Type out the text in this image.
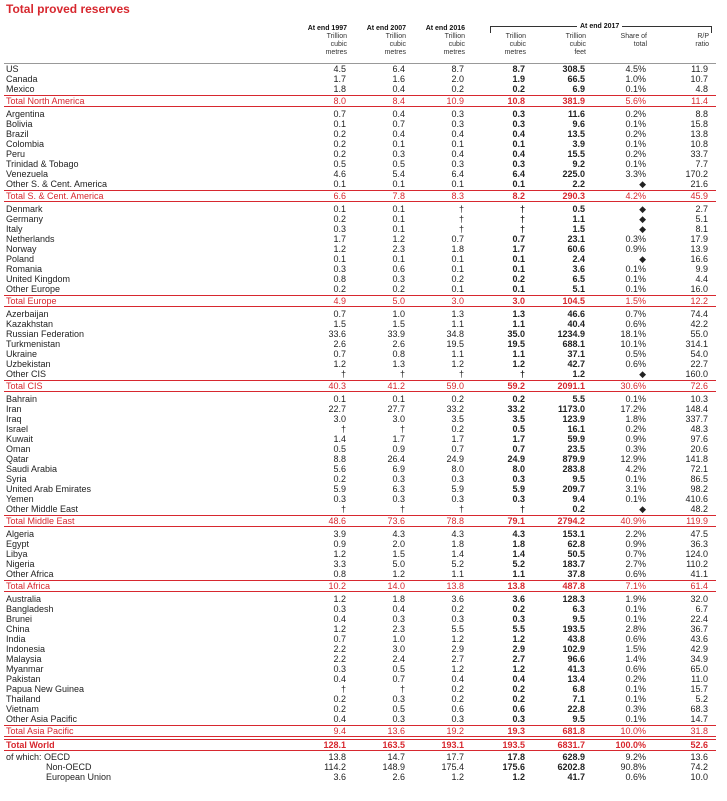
Total proved reserves
At end 1997
Trillion
cubic
metres
At end 2007
Trillion
cubic
metres
At end 2016
Trillion
cubic
metres
Trillion
cubic
metres
Trillion
cubic
feet
Share of
total
R/P
ratio
At end 2017
US	4.5	6.4	8.7	8.7	308.5	4.5%	11.9
Canada	1.7	1.6	2.0	1.9	66.5	1.0%	10.7
Mexico	1.8	0.4	0.2	0.2	6.9	0.1%	4.8
Total North America	8.0	8.4	10.9	10.8	381.9	5.6%	11.4
Argentina	0.7	0.4	0.3	0.3	11.6	0.2%	8.8
Bolivia	0.1	0.7	0.3	0.3	9.6	0.1%	15.8
Brazil	0.2	0.4	0.4	0.4	13.5	0.2%	13.8
Colombia	0.2	0.1	0.1	0.1	3.9	0.1%	10.8
Peru	0.2	0.3	0.4	0.4	15.5	0.2%	33.7
Trinidad & Tobago	0.5	0.5	0.3	0.3	9.2	0.1%	7.7
Venezuela	4.6	5.4	6.4	6.4	225.0	3.3%	170.2
Other S. & Cent. America	0.1	0.1	0.1	0.1	2.2	◆	21.6
Total S. & Cent. America	6.6	7.8	8.3	8.2	290.3	4.2%	45.9
Denmark	0.1	0.1	†	†	0.5	◆	2.7
Germany	0.2	0.1	†	†	1.1	◆	5.1
Italy	0.3	0.1	†	†	1.5	◆	8.1
Netherlands	1.7	1.2	0.7	0.7	23.1	0.3%	17.9
Norway	1.2	2.3	1.8	1.7	60.6	0.9%	13.9
Poland	0.1	0.1	0.1	0.1	2.4	◆	16.6
Romania	0.3	0.6	0.1	0.1	3.6	0.1%	9.9
United Kingdom	0.8	0.3	0.2	0.2	6.5	0.1%	4.4
Other Europe	0.2	0.2	0.1	0.1	5.1	0.1%	16.0
Total Europe	4.9	5.0	3.0	3.0	104.5	1.5%	12.2
Azerbaijan	0.7	1.0	1.3	1.3	46.6	0.7%	74.4
Kazakhstan	1.5	1.5	1.1	1.1	40.4	0.6%	42.2
Russian Federation	33.6	33.9	34.8	35.0	1234.9	18.1%	55.0
Turkmenistan	2.6	2.6	19.5	19.5	688.1	10.1%	314.1
Ukraine	0.7	0.8	1.1	1.1	37.1	0.5%	54.0
Uzbekistan	1.2	1.3	1.2	1.2	42.7	0.6%	22.7
Other CIS	†	†	†	†	1.2	◆	160.0
Total CIS	40.3	41.2	59.0	59.2	2091.1	30.6%	72.6
Bahrain	0.1	0.1	0.2	0.2	5.5	0.1%	10.3
Iran	22.7	27.7	33.2	33.2	1173.0	17.2%	148.4
Iraq	3.0	3.0	3.5	3.5	123.9	1.8%	337.7
Israel	†	†	0.2	0.5	16.1	0.2%	48.3
Kuwait	1.4	1.7	1.7	1.7	59.9	0.9%	97.6
Oman	0.5	0.9	0.7	0.7	23.5	0.3%	20.6
Qatar	8.8	26.4	24.9	24.9	879.9	12.9%	141.8
Saudi Arabia	5.6	6.9	8.0	8.0	283.8	4.2%	72.1
Syria	0.2	0.3	0.3	0.3	9.5	0.1%	86.5
United Arab Emirates	5.9	6.3	5.9	5.9	209.7	3.1%	98.2
Yemen	0.3	0.3	0.3	0.3	9.4	0.1%	410.6
Other Middle East	†	†	†	†	0.2	◆	48.2
Total Middle East	48.6	73.6	78.8	79.1	2794.2	40.9%	119.9
Algeria	3.9	4.3	4.3	4.3	153.1	2.2%	47.5
Egypt	0.9	2.0	1.8	1.8	62.8	0.9%	36.3
Libya	1.2	1.5	1.4	1.4	50.5	0.7%	124.0
Nigeria	3.3	5.0	5.2	5.2	183.7	2.7%	110.2
Other Africa	0.8	1.2	1.1	1.1	37.8	0.6%	41.1
Total Africa	10.2	14.0	13.8	13.8	487.8	7.1%	61.4
Australia	1.2	1.8	3.6	3.6	128.3	1.9%	32.0
Bangladesh	0.3	0.4	0.2	0.2	6.3	0.1%	6.7
Brunei	0.4	0.3	0.3	0.3	9.5	0.1%	22.4
China	1.2	2.3	5.5	5.5	193.5	2.8%	36.7
India	0.7	1.0	1.2	1.2	43.8	0.6%	43.6
Indonesia	2.2	3.0	2.9	2.9	102.9	1.5%	42.9
Malaysia	2.2	2.4	2.7	2.7	96.6	1.4%	34.9
Myanmar	0.3	0.5	1.2	1.2	41.3	0.6%	65.0
Pakistan	0.4	0.7	0.4	0.4	13.4	0.2%	11.0
Papua New Guinea	†	†	0.2	0.2	6.8	0.1%	15.7
Thailand	0.2	0.3	0.2	0.2	7.1	0.1%	5.2
Vietnam	0.2	0.5	0.6	0.6	22.8	0.3%	68.3
Other Asia Pacific	0.4	0.3	0.3	0.3	9.5	0.1%	14.7
Total Asia Pacific	9.4	13.6	19.2	19.3	681.8	10.0%	31.8
Total World	128.1	163.5	193.1	193.5	6831.7	100.0%	52.6
of which: OECD	13.8	14.7	17.7	17.8	628.9	9.2%	13.6
Non-OECD	114.2	148.9	175.4	175.6	6202.8	90.8%	74.2
European Union	3.6	2.6	1.2	1.2	41.7	0.6%	10.0
